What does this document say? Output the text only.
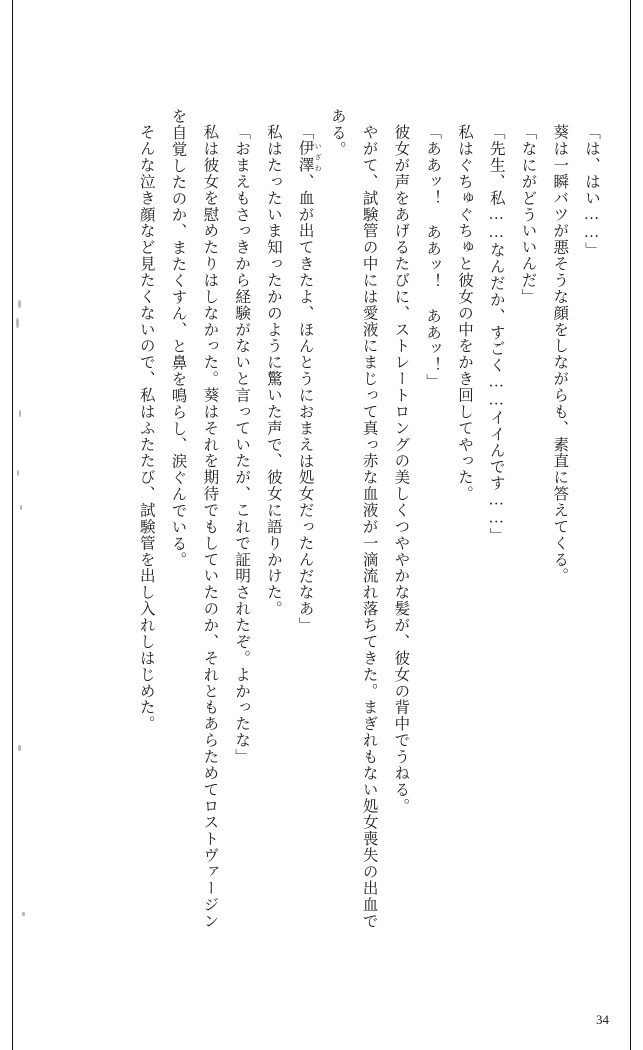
「は、はい……」

葵は一瞬バツが悪そうな顔をしながらも、素直に答えてくる。

「なにがどういいんだ」

「先生、私……なんだか、すごく……イイんです……」

私はぐちゅぐちゅと彼女の中をかき回してやった。

「ああッ！ ああッ！ ああッ！」

彼女が声をあげるたびに、ストレートロングの美しくつややかな髪が、彼女の背中でうねる。

やがて、試験管の中には愛液にまじって真っ赤な血液が一滴流れ落ちてきた。まぎれもない処女喪失の出血である。

「伊澤 いざわ、血が出てきたよ、ほんとうにおまえは処女だったんだなあ」

私はたったいま知ったかのように驚いた声で、彼女に語りかけた。

「おまえもさっきから経験がないと言っていたが、これで証明されたぞ。よかったな」

私は彼女を慰めたりはしなかった。葵はそれを期待でもしていたのか、それともあらためてロストヴァージンを自覚したのか、またくすん、と鼻を鳴らし、涙ぐんでいる。

そんな泣き顔など見たくないので、私はふたたび、試験管を出し入れしはじめた。

34
